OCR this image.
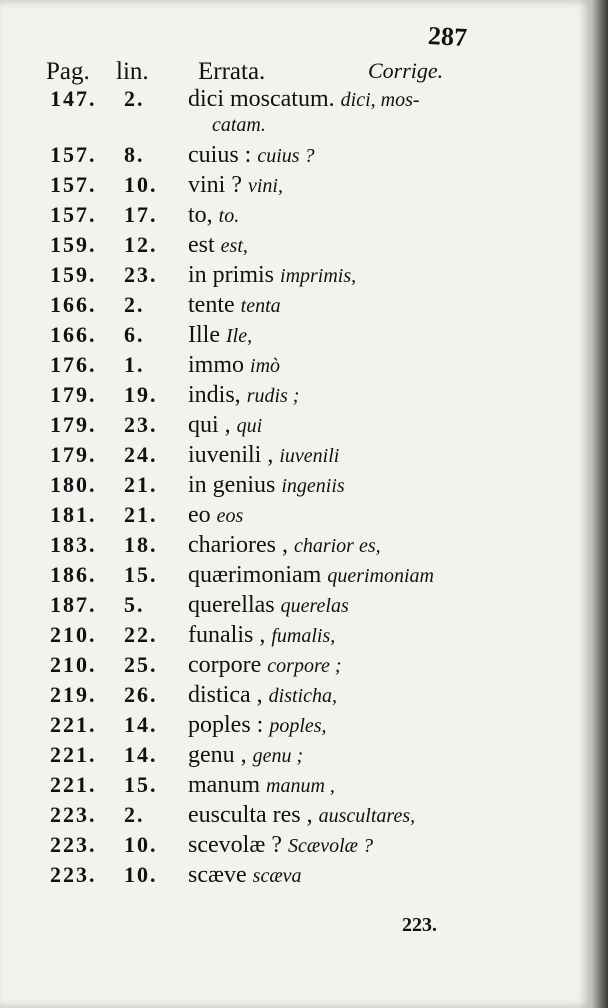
287
Pag. lin. Errata.	Corrige.
147. 2. dici moscatum. dici, mos-
catam.
157. 8. cuius : cuius ?
157. 10. vini ? vini,
157. 17. to, to.
159. 12. est est,
159. 23. in primis imprimis,
166. 2. tente tenta
166. 6. Ille Ile,
176. 1. immo imò
179. 19. indis, rudis ;
179. 23. qui , qui
179. 24. iuvenili , iuvenili
180. 21. in genius ingeniis
181. 21. eo eos
183. 18. chariores , charior es,
186. 15. quærimoniam querimoniam
187. 5. querellas querelas
210. 22. funalis , fumalis,
210. 25. corpore corpore ;
219. 26. distica , disticha,
221. 14. poples : poples,
221. 14. genu , genu ;
221. 15. manum manum ,
223. 2. eusculta res , auscultares,
223. 10. scevolæ ? Scævolæ ?
223. 10. scæve scæva
223.
